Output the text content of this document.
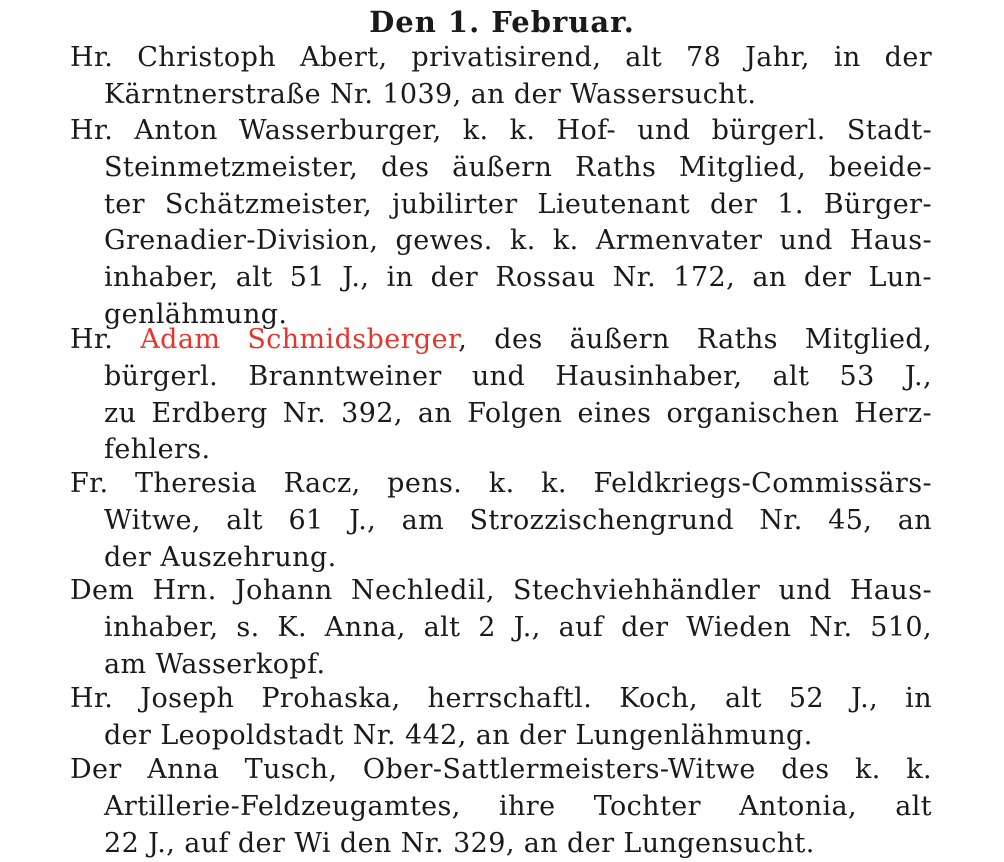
Den 1. Februar.
Hr. Christoph Abert, privatisirend, alt 78 Jahr, in der
Kärntnerstraße Nr. 1039, an der Wassersucht.
Hr. Anton Wasserburger, k. k. Hof- und bürgerl. Stadt-
Steinmetzmeister, des äußern Raths Mitglied, beeide-
ter Schätzmeister, jubilirter Lieutenant der 1. Bürger-
Grenadier-Division, gewes. k. k. Armenvater und Haus-
inhaber, alt 51 J., in der Rossau Nr. 172, an der Lun-
genlähmung.
Hr. Adam Schmidsberger, des äußern Raths Mitglied,
bürgerl. Branntweiner und Hausinhaber, alt 53 J.,
zu Erdberg Nr. 392, an Folgen eines organischen Herz-
fehlers.
Fr. Theresia Racz, pens. k. k. Feldkriegs-Commissärs-
Witwe, alt 61 J., am Strozzischengrund Nr. 45, an
der Auszehrung.
Dem Hrn. Johann Nechledil, Stechviehhändler und Haus-
inhaber, s. K. Anna, alt 2 J., auf der Wieden Nr. 510,
am Wasserkopf.
Hr. Joseph Prohaska, herrschaftl. Koch, alt 52 J., in
der Leopoldstadt Nr. 442, an der Lungenlähmung.
Der Anna Tusch, Ober-Sattlermeisters-Witwe des k. k.
Artillerie-Feldzeugamtes, ihre Tochter Antonia, alt
22 J., auf der Wi den Nr. 329, an der Lungensucht.
